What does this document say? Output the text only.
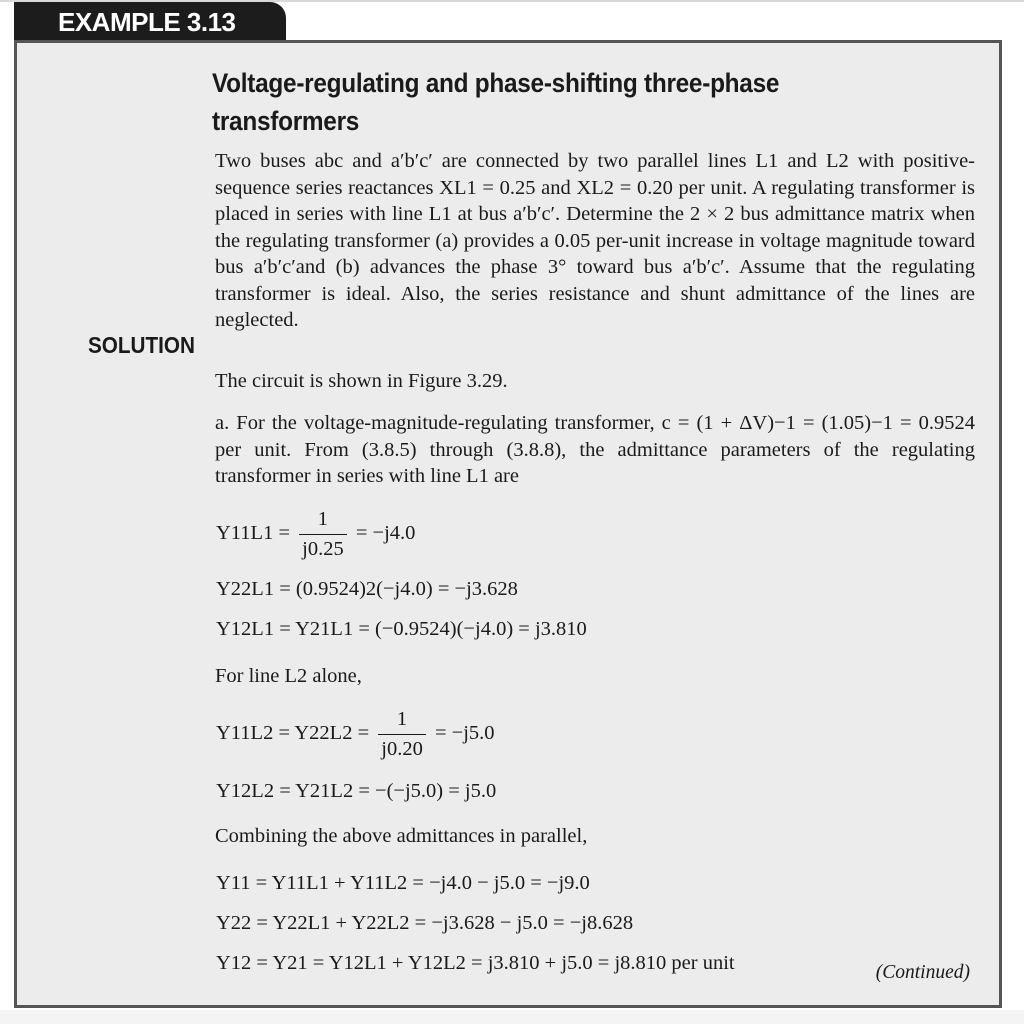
EXAMPLE 3.13
Voltage-regulating and phase-shifting three-phase transformers
Two buses abc and a′b′c′ are connected by two parallel lines L1 and L2 with positive-sequence series reactances XL1 = 0.25 and XL2 = 0.20 per unit. A regulating transformer is placed in series with line L1 at bus a′b′c′. Determine the 2 × 2 bus admittance matrix when the regulating transformer (a) provides a 0.05 per-unit increase in voltage magnitude toward bus a′b′c′and (b) advances the phase 3° toward bus a′b′c′. Assume that the regulating transformer is ideal. Also, the series resistance and shunt admittance of the lines are neglected.
SOLUTION
The circuit is shown in Figure 3.29.
a. For the voltage-magnitude-regulating transformer, c = (1 + ΔV)−1 = (1.05)−1 = 0.9524 per unit. From (3.8.5) through (3.8.8), the admittance parameters of the regulating transformer in series with line L1 are
$Y11L1 = \frac{1}{j0.25} = -j4.0$
Y22L1 = (0.9524)2(−j4.0) = −j3.628
Y12L1 = Y21L1 = (−0.9524)(−j4.0) = j3.810
For line L2 alone,
$Y11L2 = Y22L2 = \frac{1}{j0.20} = -j5.0$
Y12L2 = Y21L2 = −(−j5.0) = j5.0
Combining the above admittances in parallel,
Y11 = Y11L1 + Y11L2 = −j4.0 − j5.0 = −j9.0
Y22 = Y22L1 + Y22L2 = −j3.628 − j5.0 = −j8.628
Y12 = Y21 = Y12L1 + Y12L2 = j3.810 + j5.0 = j8.810 per unit	(Continued)
